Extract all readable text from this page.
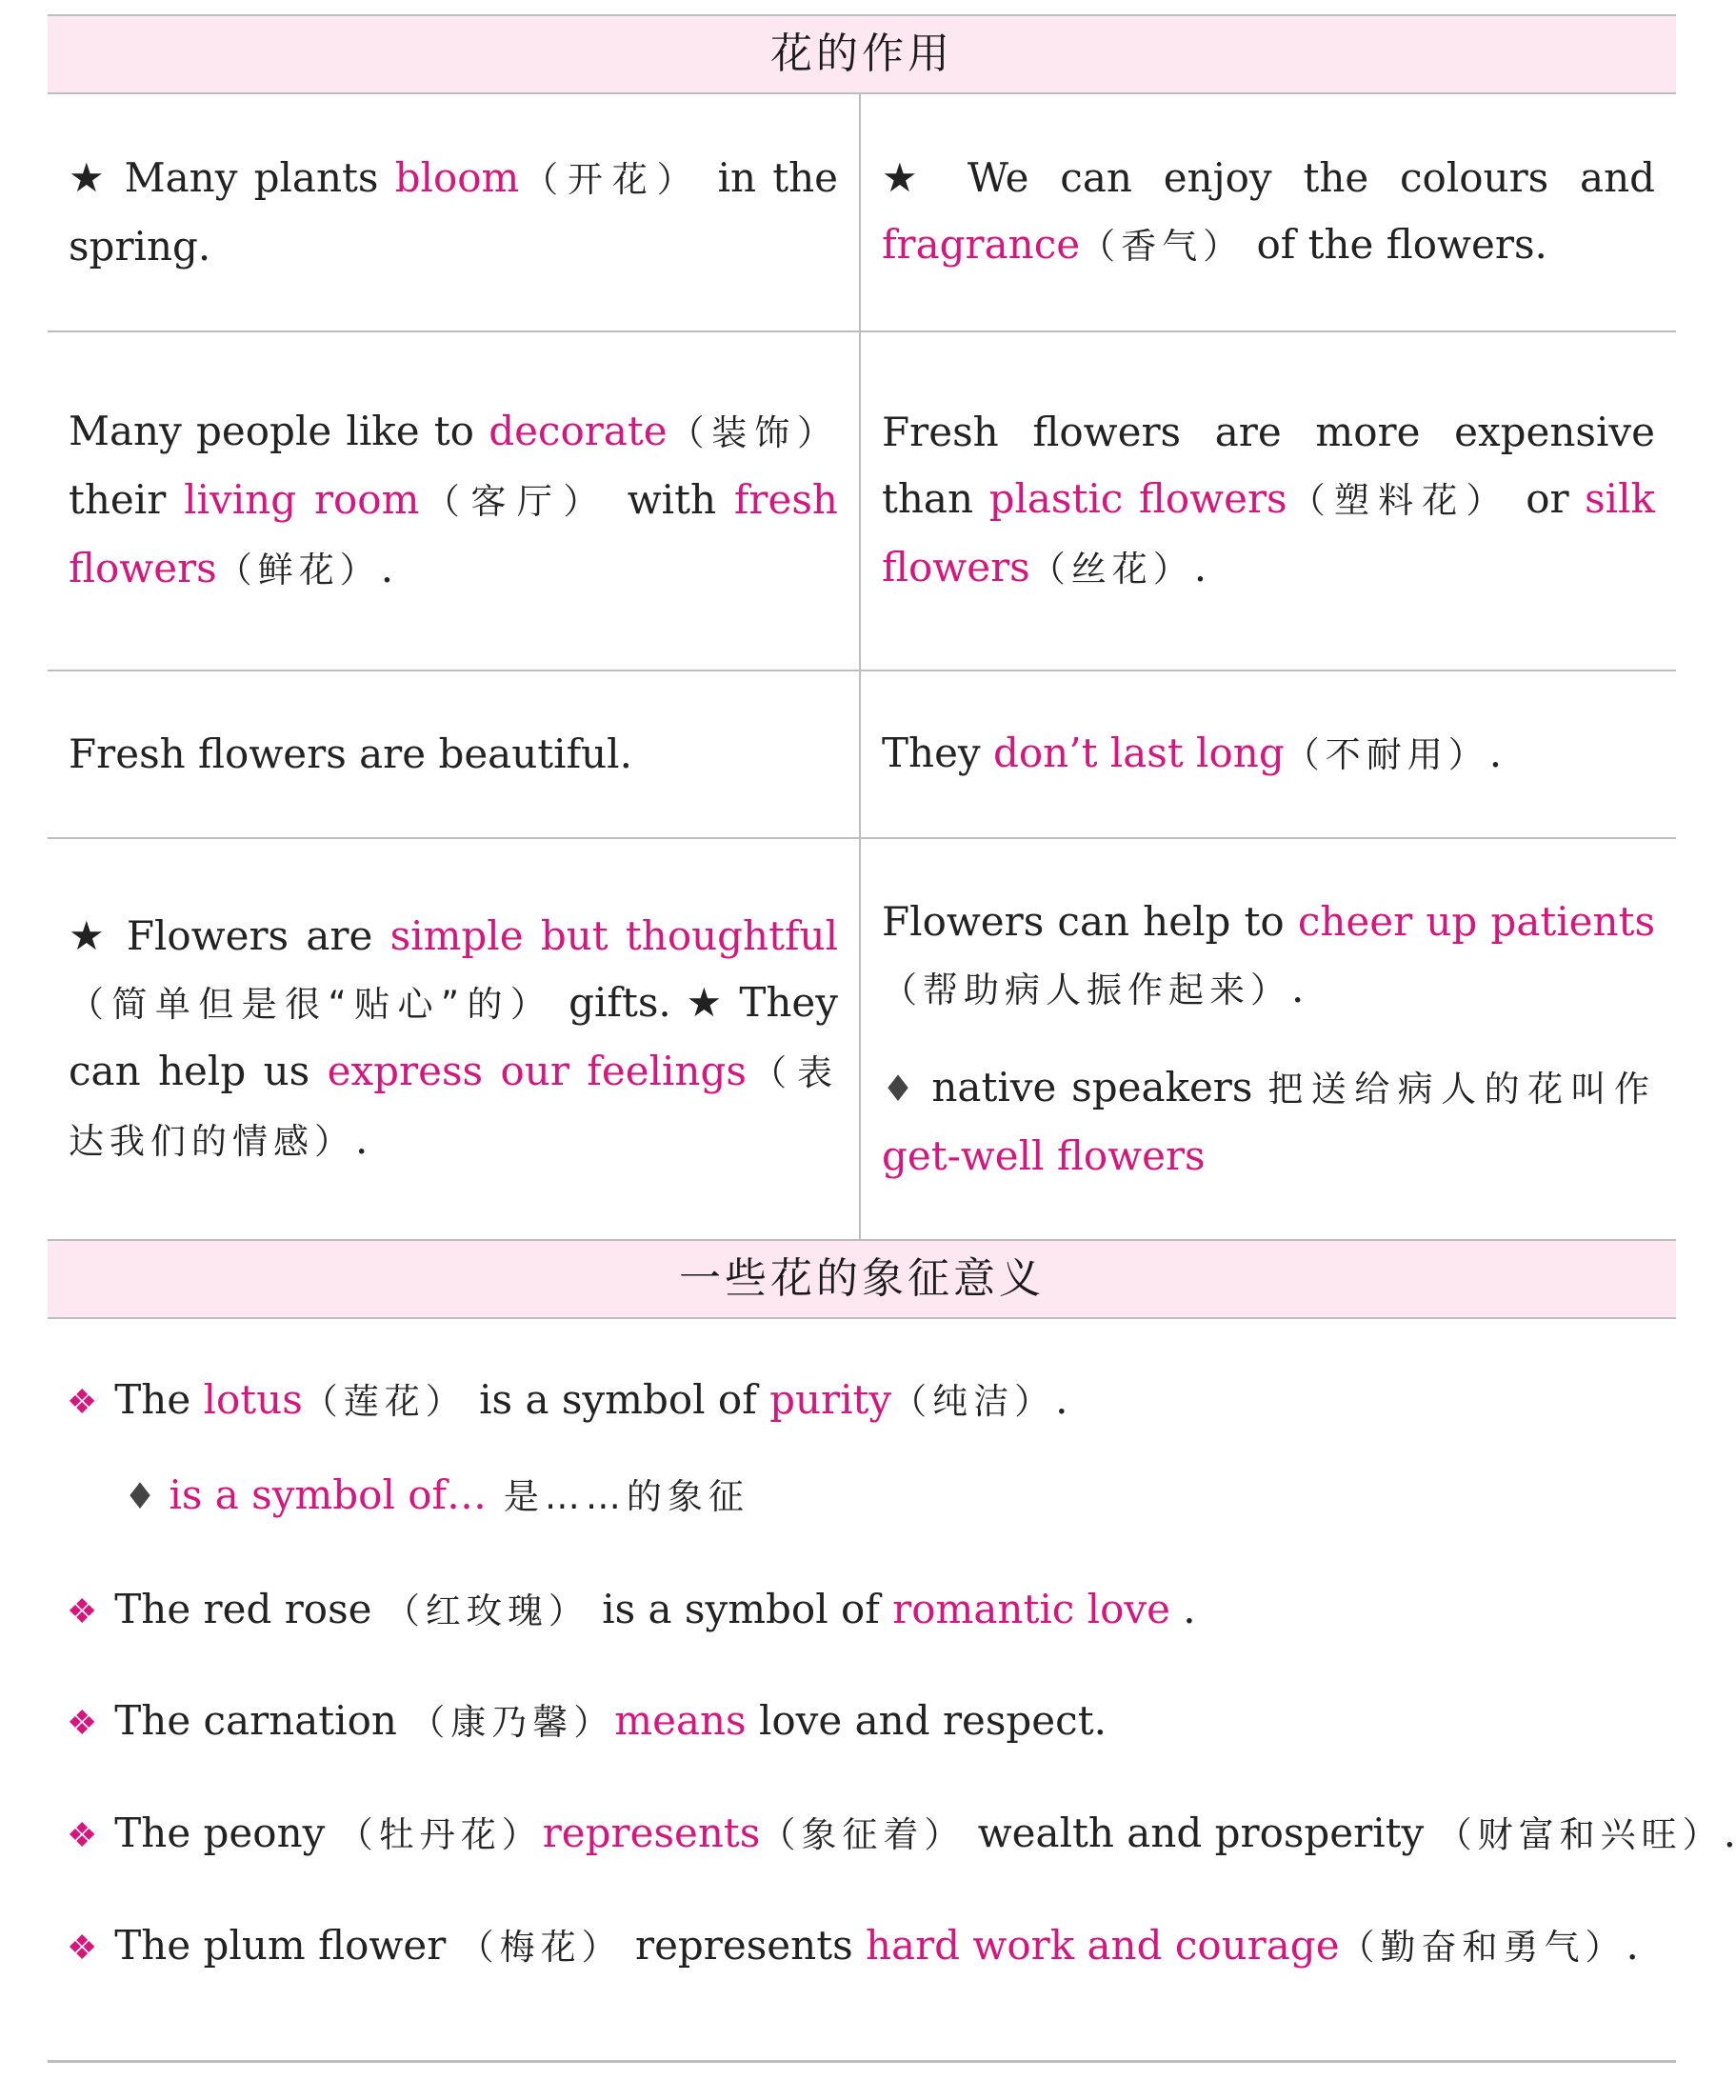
花的作用

★ Many plants bloom（开花） in the spring.

★ We can enjoy the colours and fragrance（香气） of the flowers.

Many people like to decorate（装饰） their living room（客厅） with fresh flowers（鲜花）.

Fresh flowers are more expensive than plastic flowers（塑料花） or silk flowers（丝花）.

Fresh flowers are beautiful.	They don’t last long（不耐用）.

★ Flowers are simple but thoughtful（简单但是很“贴心”的） gifts. ★ They can help us express our feelings（表达我们的情感）.

Flowers can help to cheer up patients（帮助病人振作起来）.

♦ native speakers 把送给病人的花叫作get-well flowers

一些花的象征意义
❖ The lotus（莲花） is a symbol of purity（纯洁）.
♦ is a symbol of… 是……的象征
❖ The red rose （红玫瑰） is a symbol of romantic love .
❖ The carnation （康乃馨）means love and respect.
❖ The peony （牡丹花）represents（象征着） wealth and prosperity （财富和兴旺）.
❖ The plum flower （梅花） represents hard work and courage（勤奋和勇气）.
